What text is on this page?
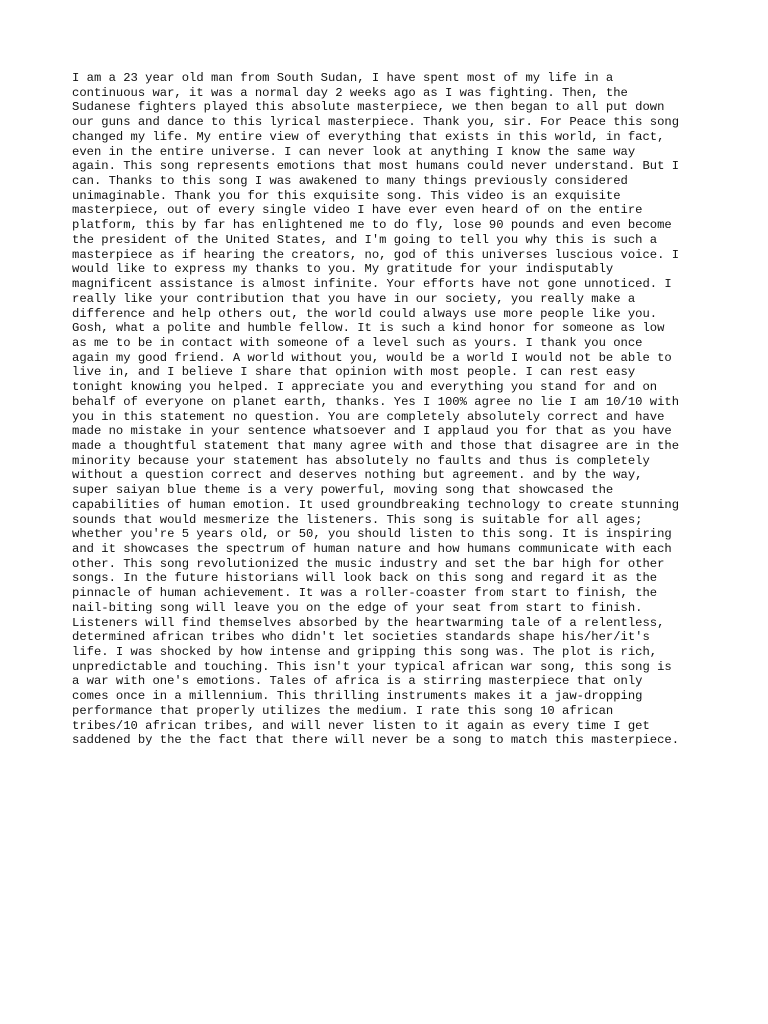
I am a 23 year old man from South Sudan, I have spent most of my life in a
continuous war, it was a normal day 2 weeks ago as I was fighting. Then, the
Sudanese fighters played this absolute masterpiece, we then began to all put down
our guns and dance to this lyrical masterpiece. Thank you, sir. For Peace this song
changed my life. My entire view of everything that exists in this world, in fact,
even in the entire universe. I can never look at anything I know the same way
again. This song represents emotions that most humans could never understand. But I
can. Thanks to this song I was awakened to many things previously considered
unimaginable. Thank you for this exquisite song. This video is an exquisite
masterpiece, out of every single video I have ever even heard of on the entire
platform, this by far has enlightened me to do fly, lose 90 pounds and even become
the president of the United States, and I'm going to tell you why this is such a
masterpiece as if hearing the creators, no, god of this universes luscious voice. I
would like to express my thanks to you. My gratitude for your indisputably
magnificent assistance is almost infinite. Your efforts have not gone unnoticed. I
really like your contribution that you have in our society, you really make a
difference and help others out, the world could always use more people like you.
Gosh, what a polite and humble fellow. It is such a kind honor for someone as low
as me to be in contact with someone of a level such as yours. I thank you once
again my good friend. A world without you, would be a world I would not be able to
live in, and I believe I share that opinion with most people. I can rest easy
tonight knowing you helped. I appreciate you and everything you stand for and on
behalf of everyone on planet earth, thanks. Yes I 100% agree no lie I am 10/10 with
you in this statement no question. You are completely absolutely correct and have
made no mistake in your sentence whatsoever and I applaud you for that as you have
made a thoughtful statement that many agree with and those that disagree are in the
minority because your statement has absolutely no faults and thus is completely
without a question correct and deserves nothing but agreement. and by the way,
super saiyan blue theme is a very powerful, moving song that showcased the
capabilities of human emotion. It used groundbreaking technology to create stunning
sounds that would mesmerize the listeners. This song is suitable for all ages;
whether you're 5 years old, or 50, you should listen to this song. It is inspiring
and it showcases the spectrum of human nature and how humans communicate with each
other. This song revolutionized the music industry and set the bar high for other
songs. In the future historians will look back on this song and regard it as the
pinnacle of human achievement. It was a roller-coaster from start to finish, the
nail-biting song will leave you on the edge of your seat from start to finish.
Listeners will find themselves absorbed by the heartwarming tale of a relentless,
determined african tribes who didn't let societies standards shape his/her/it's
life. I was shocked by how intense and gripping this song was. The plot is rich,
unpredictable and touching. This isn't your typical african war song, this song is
a war with one's emotions. Tales of africa is a stirring masterpiece that only
comes once in a millennium. This thrilling instruments makes it a jaw-dropping
performance that properly utilizes the medium. I rate this song 10 african
tribes/10 african tribes, and will never listen to it again as every time I get
saddened by the the fact that there will never be a song to match this masterpiece.
